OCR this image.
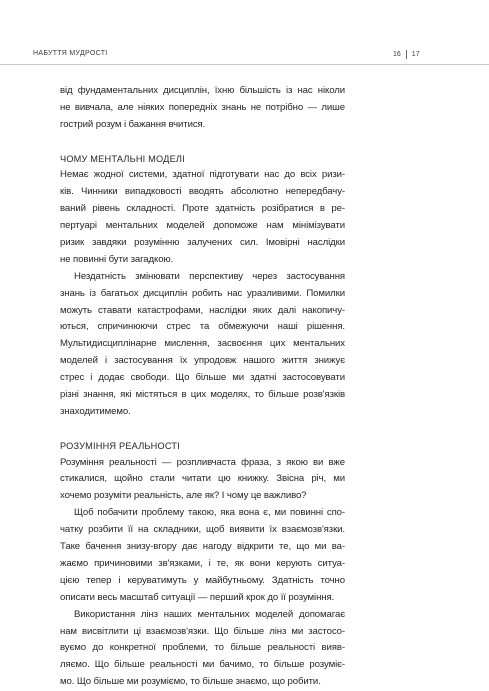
НАБУТТЯ МУДРОСТІ	16 17
від фундаментальних дисциплін, їхню більшість із нас ніколи
не вивчала, але ніяких попередніх знань не потрібно — лише
гострий розум і бажання вчитися.
ЧОМУ МЕНТАЛЬНІ МОДЕЛІ
Немає жодної системи, здатної підготувати нас до всіх ризи-
ків. Чинники випадковості вводять абсолютно непередбачу-
ваний рівень складності. Проте здатність розібратися в ре-
пертуарі ментальних моделей допоможе нам мінімізувати
ризик завдяки розумінню залучених сил. Імовірні наслідки
не повинні бути загадкою.
Нездатність змінювати перспективу через застосування
знань із багатьох дисциплін робить нас уразливими. Помилки
можуть ставати катастрофами, наслідки яких далі накопичу-
ються, спричинюючи стрес та обмежуючи наші рішення.
Мультидисциплінарне мислення, засвоєння цих ментальних
моделей і застосування їх упродовж нашого життя знижує
стрес і додає свободи. Що більше ми здатні застосовувати
різні знання, які містяться в цих моделях, то більше розв'язків
знаходитимемо.
РОЗУМІННЯ РЕАЛЬНОСТІ
Розуміння реальності — розпливчаста фраза, з якою ви вже
стикалися, щойно стали читати цю книжку. Звісна річ, ми
хочемо розуміти реальність, але як? І чому це важливо?
Щоб побачити проблему такою, яка вона є, ми повинні спо-
чатку розбити її на складники, щоб виявити їх взаємозв'язки.
Таке бачення знизу-вгору дає нагоду відкрити те, що ми ва-
жаємо причиновими зв'язками, і те, як вони керують ситуа-
цією тепер і керуватимуть у майбутньому. Здатність точно
описати весь масштаб ситуації — перший крок до її розуміння.
Використання лінз наших ментальних моделей допомагає
нам висвітлити ці взаємозв'язки. Що більше лінз ми застосо-
вуємо до конкретної проблеми, то більше реальності вияв-
ляємо. Що більше реальності ми бачимо, то більше розуміє-
мо. Що більше ми розуміємо, то більше знаємо, що робити.
